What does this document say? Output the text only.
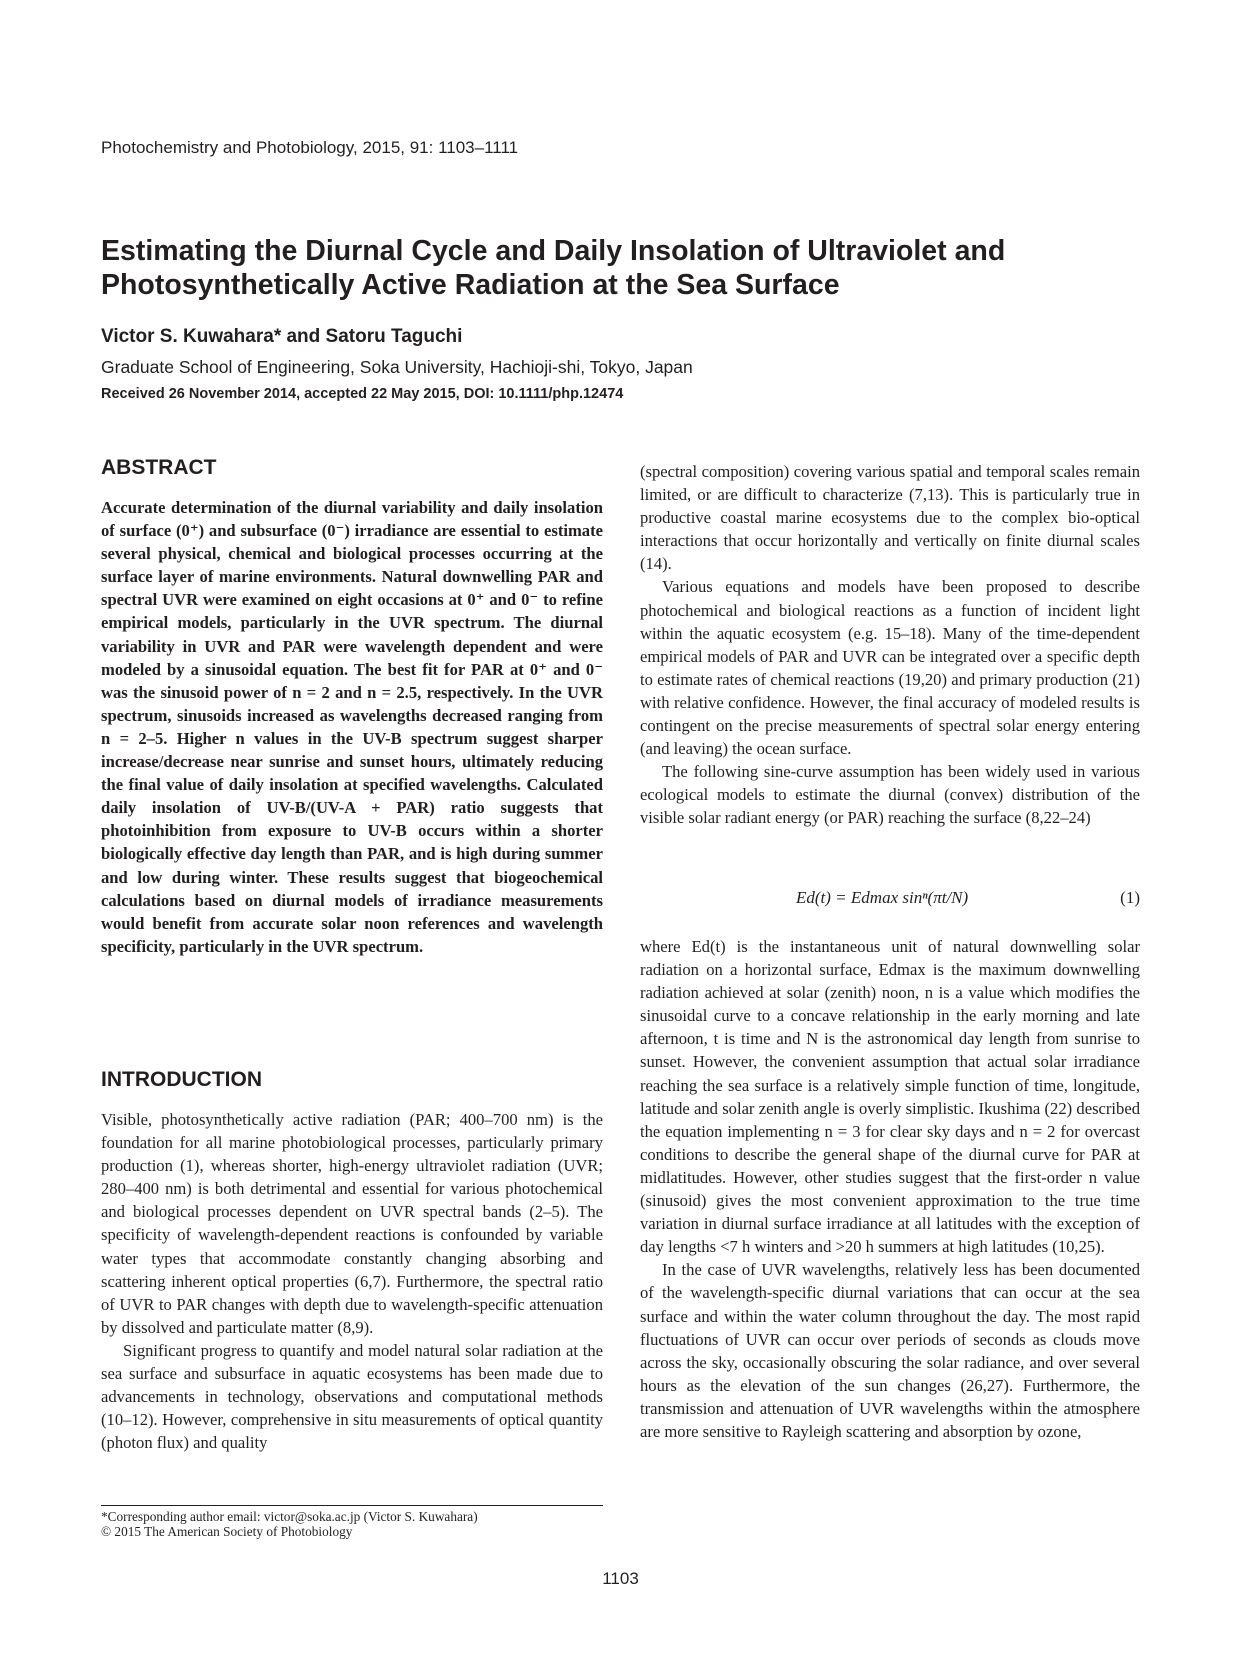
Photochemistry and Photobiology, 2015, 91: 1103–1111
Estimating the Diurnal Cycle and Daily Insolation of Ultraviolet and Photosynthetically Active Radiation at the Sea Surface
Victor S. Kuwahara* and Satoru Taguchi
Graduate School of Engineering, Soka University, Hachioji-shi, Tokyo, Japan
Received 26 November 2014, accepted 22 May 2015, DOI: 10.1111/php.12474
ABSTRACT

Accurate determination of the diurnal variability and daily insolation of surface (0⁺) and subsurface (0⁻) irradiance are essential to estimate several physical, chemical and biological processes occurring at the surface layer of marine environments. Natural downwelling PAR and spectral UVR were examined on eight occasions at 0⁺ and 0⁻ to refine empirical models, particularly in the UVR spectrum. The diurnal variability in UVR and PAR were wavelength dependent and were modeled by a sinusoidal equation. The best fit for PAR at 0⁺ and 0⁻ was the sinusoid power of n = 2 and n = 2.5, respectively. In the UVR spectrum, sinusoids increased as wavelengths decreased ranging from n = 2–5. Higher n values in the UV-B spectrum suggest sharper increase/decrease near sunrise and sunset hours, ultimately reducing the final value of daily insolation at specified wavelengths. Calculated daily insolation of UV-B/(UV-A + PAR) ratio suggests that photoinhibition from exposure to UV-B occurs within a shorter biologically effective day length than PAR, and is high during summer and low during winter. These results suggest that biogeochemical calculations based on diurnal models of irradiance measurements would benefit from accurate solar noon references and wavelength specificity, particularly in the UVR spectrum.

INTRODUCTION

Visible, photosynthetically active radiation (PAR; 400–700 nm) is the foundation for all marine photobiological processes, particularly primary production (1), whereas shorter, high-energy ultraviolet radiation (UVR; 280–400 nm) is both detrimental and essential for various photochemical and biological processes dependent on UVR spectral bands (2–5). The specificity of wavelength-dependent reactions is confounded by variable water types that accommodate constantly changing absorbing and scattering inherent optical properties (6,7). Furthermore, the spectral ratio of UVR to PAR changes with depth due to wavelength-specific attenuation by dissolved and particulate matter (8,9).

Significant progress to quantify and model natural solar radiation at the sea surface and subsurface in aquatic ecosystems has been made due to advancements in technology, observations and computational methods (10–12). However, comprehensive in situ measurements of optical quantity (photon flux) and quality

(spectral composition) covering various spatial and temporal scales remain limited, or are difficult to characterize (7,13). This is particularly true in productive coastal marine ecosystems due to the complex bio-optical interactions that occur horizontally and vertically on finite diurnal scales (14).

Various equations and models have been proposed to describe photochemical and biological reactions as a function of incident light within the aquatic ecosystem (e.g. 15–18). Many of the time-dependent empirical models of PAR and UVR can be integrated over a specific depth to estimate rates of chemical reactions (19,20) and primary production (21) with relative confidence. However, the final accuracy of modeled results is contingent on the precise measurements of spectral solar energy entering (and leaving) the ocean surface.

The following sine-curve assumption has been widely used in various ecological models to estimate the diurnal (convex) distribution of the visible solar radiant energy (or PAR) reaching the surface (8,22–24)

Ed(t) = Edmax sinⁿ(πt/N)	(1)

where Ed(t) is the instantaneous unit of natural downwelling solar radiation on a horizontal surface, Edmax is the maximum downwelling radiation achieved at solar (zenith) noon, n is a value which modifies the sinusoidal curve to a concave relationship in the early morning and late afternoon, t is time and N is the astronomical day length from sunrise to sunset. However, the convenient assumption that actual solar irradiance reaching the sea surface is a relatively simple function of time, longitude, latitude and solar zenith angle is overly simplistic. Ikushima (22) described the equation implementing n = 3 for clear sky days and n = 2 for overcast conditions to describe the general shape of the diurnal curve for PAR at midlatitudes. However, other studies suggest that the first-order n value (sinusoid) gives the most convenient approximation to the true time variation in diurnal surface irradiance at all latitudes with the exception of day lengths <7 h winters and >20 h summers at high latitudes (10,25).

In the case of UVR wavelengths, relatively less has been documented of the wavelength-specific diurnal variations that can occur at the sea surface and within the water column throughout the day. The most rapid fluctuations of UVR can occur over periods of seconds as clouds move across the sky, occasionally obscuring the solar radiance, and over several hours as the elevation of the sun changes (26,27). Furthermore, the transmission and attenuation of UVR wavelengths within the atmosphere are more sensitive to Rayleigh scattering and absorption by ozone,

*Corresponding author email: victor@soka.ac.jp (Victor S. Kuwahara)
© 2015 The American Society of Photobiology
1103
